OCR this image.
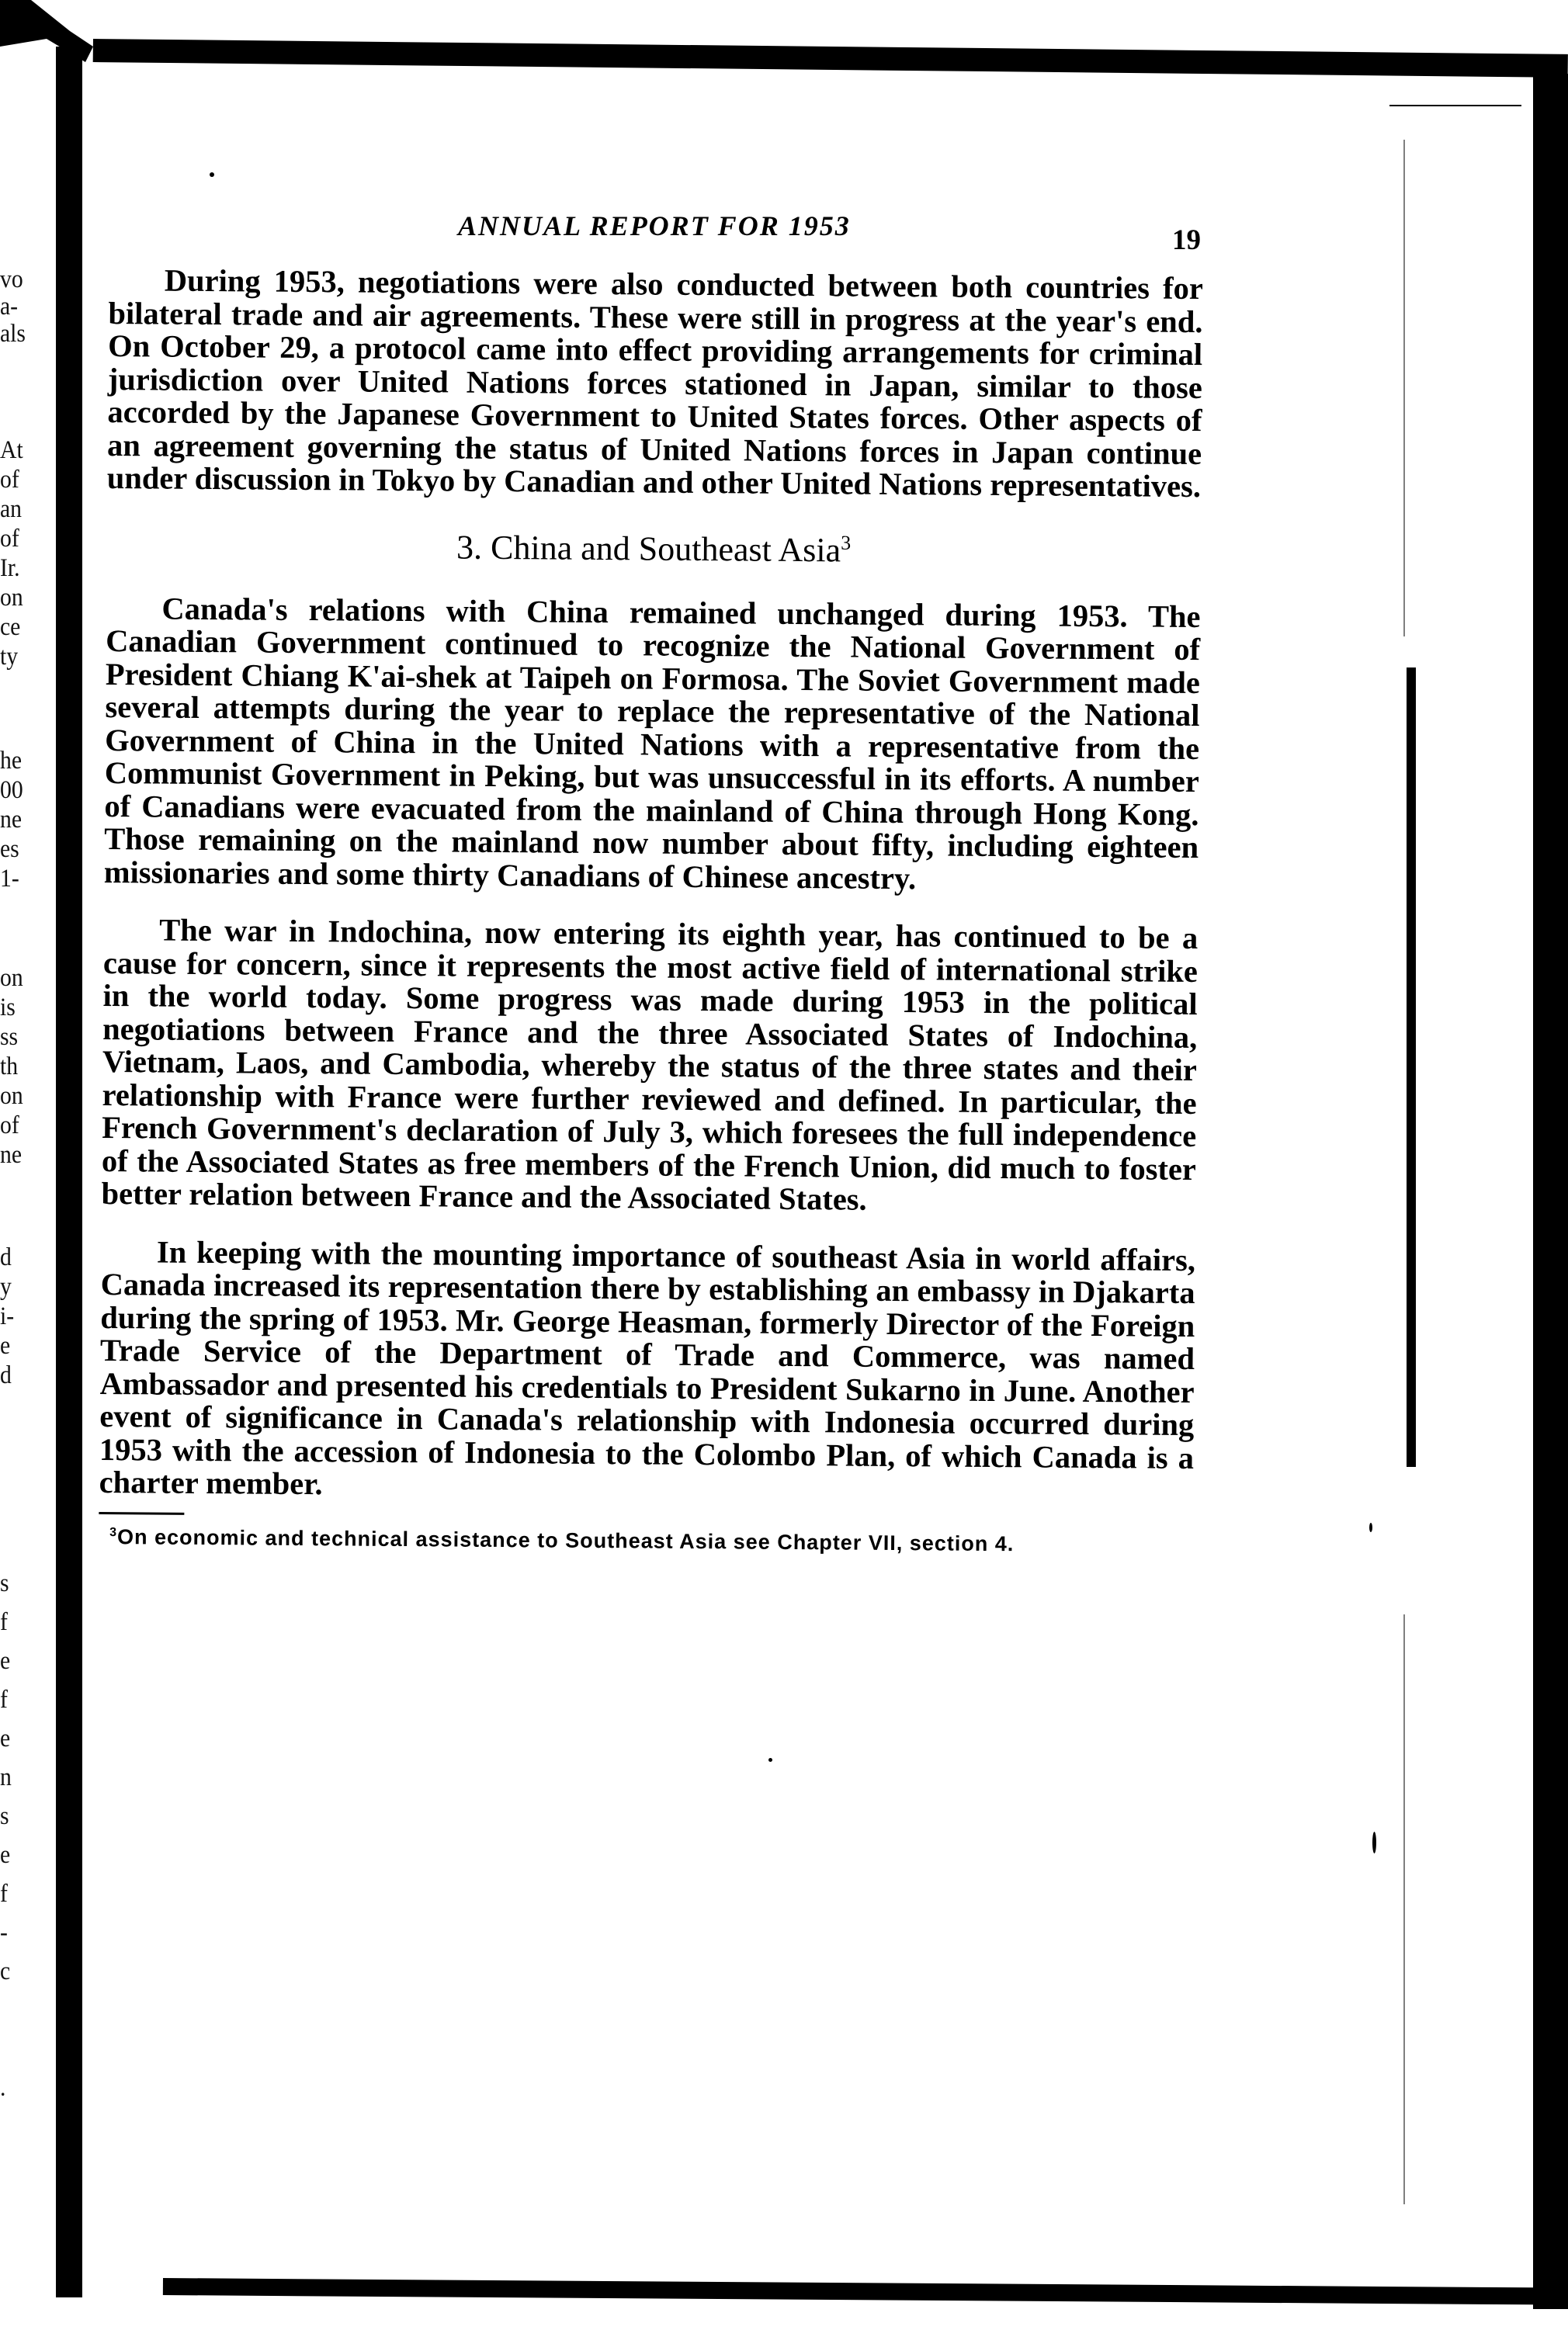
vo
a-
als
At
of
an
of
Ir.
on
ce
ty
he
00
ne
es
1-
on
is
ss
th
on
of
ne
d
y
i-
e
d
s
f
e
f
e
n
s
e
f
-
c
.
ANNUAL REPORT FOR 1953	19

During 1953, negotiations were also conducted between both countries for bilateral trade and air agreements. These were still in progress at the year's end. On October 29, a protocol came into effect providing arrangements for criminal jurisdiction over United Nations forces stationed in Japan, similar to those accorded by the Japanese Government to United States forces. Other aspects of an agreement governing the status of United Nations forces in Japan continue under discussion in Tokyo by Canadian and other United Nations representatives.

3. China and Southeast Asia$^3$

Canada's relations with China remained unchanged during 1953. The Canadian Government continued to recognize the National Government of President Chiang K'ai-shek at Taipeh on Formosa. The Soviet Government made several attempts during the year to replace the representative of the National Government of China in the United Nations with a representative from the Communist Government in Peking, but was unsuccessful in its efforts. A number of Canadians were evacuated from the mainland of China through Hong Kong. Those remaining on the mainland now number about fifty, including eighteen missionaries and some thirty Canadians of Chinese ancestry.

The war in Indochina, now entering its eighth year, has continued to be a cause for concern, since it represents the most active field of international strike in the world today. Some progress was made during 1953 in the political negotiations between France and the three Associated States of Indochina, Vietnam, Laos, and Cambodia, whereby the status of the three states and their relationship with France were further reviewed and defined. In particular, the French Government's declaration of July 3, which foresees the full independence of the Associated States as free members of the French Union, did much to foster better relation between France and the Associated States.

In keeping with the mounting importance of southeast Asia in world affairs, Canada increased its representation there by establishing an embassy in Djakarta during the spring of 1953. Mr. George Heasman, formerly Director of the Foreign Trade Service of the Department of Trade and Commerce, was named Ambassador and presented his credentials to President Sukarno in June. Another event of significance in Canada's relationship with Indonesia occurred during 1953 with the accession of Indonesia to the Colombo Plan, of which Canada is a charter member.

$^3$On economic and technical assistance to Southeast Asia see Chapter VII, section 4.
